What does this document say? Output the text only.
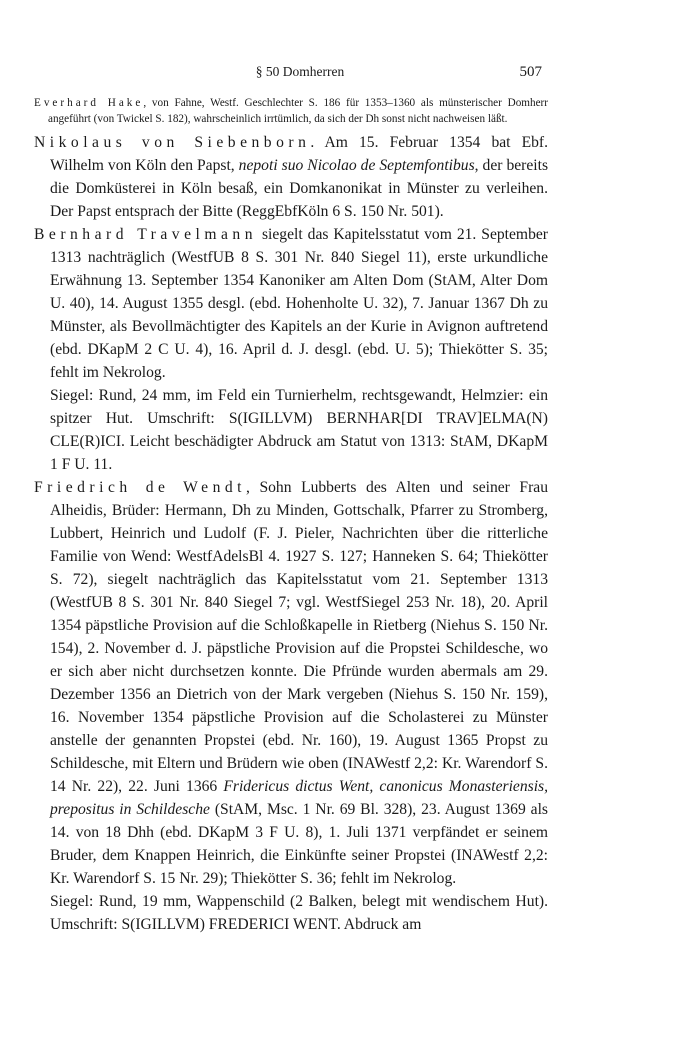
§ 50 Domherren	507

Everhard Hake, von Fahne, Westf. Geschlechter S. 186 für 1353–1360 als münsterischer Domherr angeführt (von Twickel S. 182), wahrscheinlich irrtümlich, da sich der Dh sonst nicht nachweisen läßt.

Nikolaus von Siebenborn. Am 15. Februar 1354 bat Ebf. Wilhelm von Köln den Papst, nepoti suo Nicolao de Septemfontibus, der bereits die Domküsterei in Köln besaß, ein Domkanonikat in Münster zu verleihen. Der Papst entsprach der Bitte (ReggEbfKöln 6 S. 150 Nr. 501).

Bernhard Travelmann siegelt das Kapitelsstatut vom 21. September 1313 nachträglich (WestfUB 8 S. 301 Nr. 840 Siegel 11), erste urkundliche Erwähnung 13. September 1354 Kanoniker am Alten Dom (StAM, Alter Dom U. 40), 14. August 1355 desgl. (ebd. Hohenholte U. 32), 7. Januar 1367 Dh zu Münster, als Bevollmächtigter des Kapitels an der Kurie in Avignon auftretend (ebd. DKapM 2 C U. 4), 16. April d. J. desgl. (ebd. U. 5); Thiekötter S. 35; fehlt im Nekrolog.

Siegel: Rund, 24 mm, im Feld ein Turnierhelm, rechtsgewandt, Helmzier: ein spitzer Hut. Umschrift: S(IGILLVM) BERNHAR[DI TRAV]ELMA(N) CLE(R)ICI. Leicht beschädigter Abdruck am Statut von 1313: StAM, DKapM 1 F U. 11.

Friedrich de Wendt, Sohn Lubberts des Alten und seiner Frau Alheidis, Brüder: Hermann, Dh zu Minden, Gottschalk, Pfarrer zu Stromberg, Lubbert, Heinrich und Ludolf (F. J. Pieler, Nachrichten über die ritterliche Familie von Wend: WestfAdelsBl 4. 1927 S. 127; Hanneken S. 64; Thiekötter S. 72), siegelt nachträglich das Kapitelsstatut vom 21. September 1313 (WestfUB 8 S. 301 Nr. 840 Siegel 7; vgl. WestfSiegel 253 Nr. 18), 20. April 1354 päpstliche Provision auf die Schloßkapelle in Rietberg (Niehus S. 150 Nr. 154), 2. November d. J. päpstliche Provision auf die Propstei Schildesche, wo er sich aber nicht durchsetzen konnte. Die Pfründe wurden abermals am 29. Dezember 1356 an Dietrich von der Mark vergeben (Niehus S. 150 Nr. 159), 16. November 1354 päpstliche Provision auf die Scholasterei zu Münster anstelle der genannten Propstei (ebd. Nr. 160), 19. August 1365 Propst zu Schildesche, mit Eltern und Brüdern wie oben (INAWestf 2,2: Kr. Warendorf S. 14 Nr. 22), 22. Juni 1366 Fridericus dictus Went, canonicus Monasteriensis, prepositus in Schildesche (StAM, Msc. 1 Nr. 69 Bl. 328), 23. August 1369 als 14. von 18 Dhh (ebd. DKapM 3 F U. 8), 1. Juli 1371 verpfändet er seinem Bruder, dem Knappen Heinrich, die Einkünfte seiner Propstei (INAWestf 2,2: Kr. Warendorf S. 15 Nr. 29); Thiekötter S. 36; fehlt im Nekrolog.

Siegel: Rund, 19 mm, Wappenschild (2 Balken, belegt mit wendischem Hut). Umschrift: S(IGILLVM) FREDERICI WENT. Abdruck am
